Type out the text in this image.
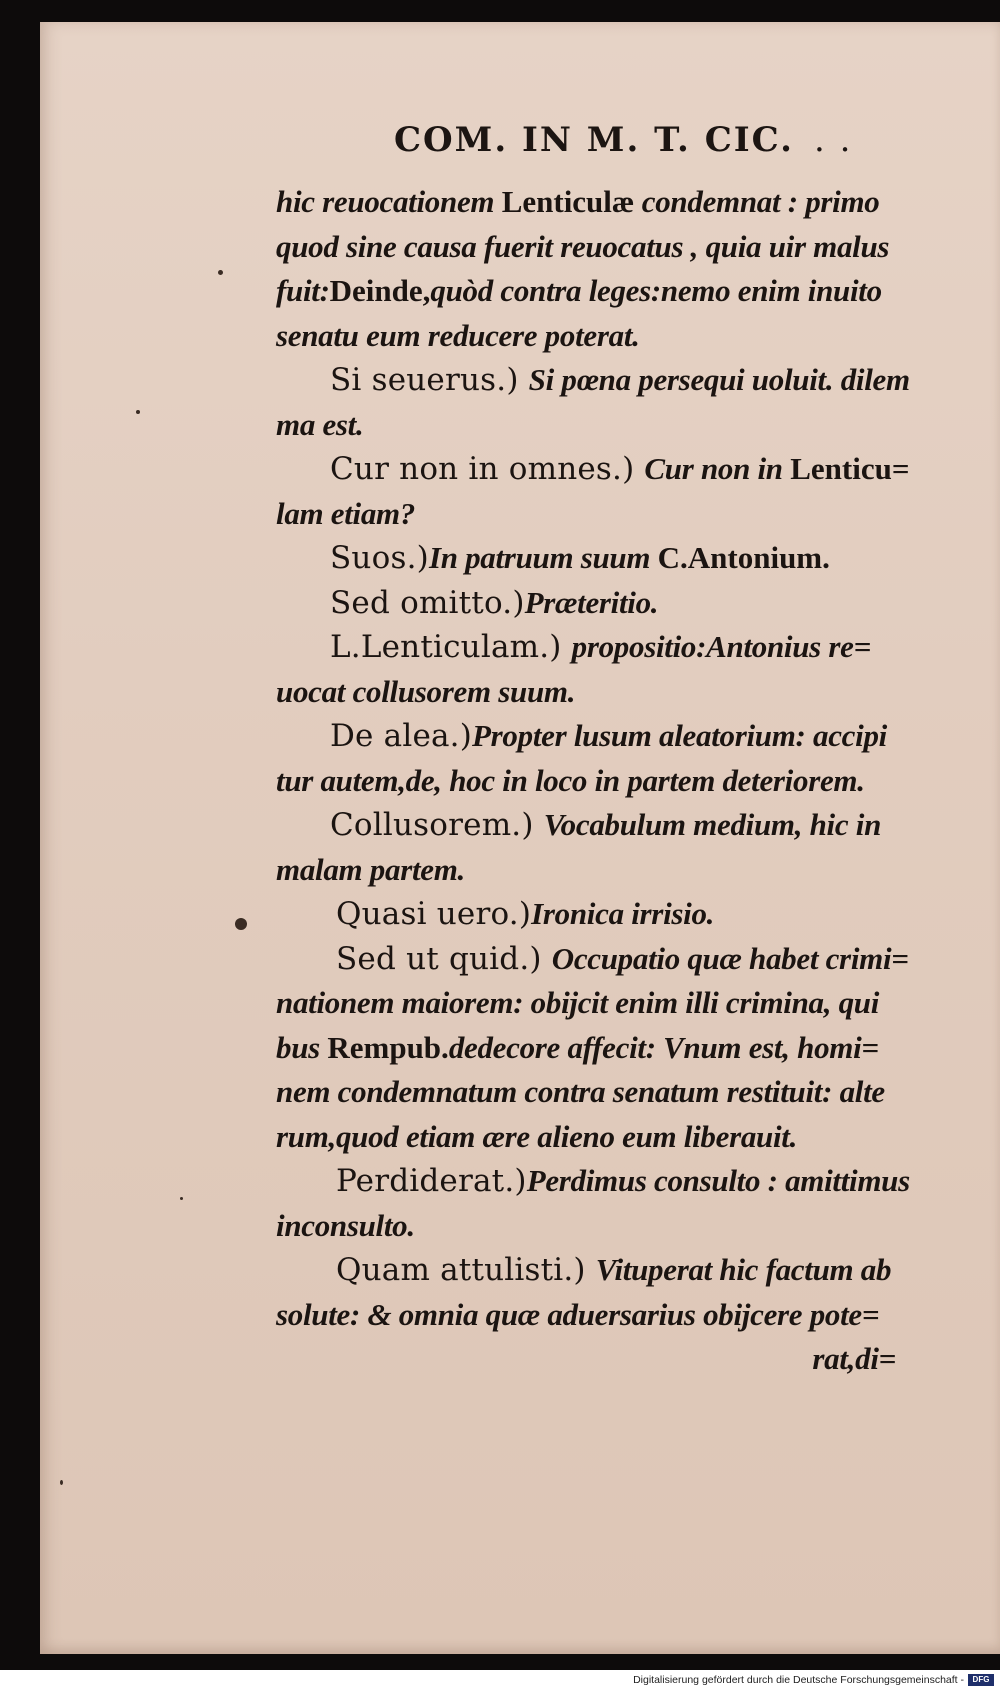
COM. IN M. T. CIC. . .
hic reuocationem Lenticulæ condemnat : primo
quod sine causa fuerit reuocatus , quia uir malus
fuit:Deinde,quòd contra leges:nemo enim inuito
senatu eum reducere poterat.
Si seuerus.) Si pœna persequi uoluit. dilem
ma est.
Cur non in omnes.) Cur non in Lenticu=
lam etiam?
Suos.)In patruum suum C.Antonium.
Sed omitto.)Præteritio.
L.Lenticulam.) propositio:Antonius re=
uocat collusorem suum.
De alea.)Propter lusum aleatorium: accipi
tur autem,de, hoc in loco in partem deteriorem.
Collusorem.) Vocabulum medium, hic in
malam partem.
Quasi uero.)Ironica irrisio.
Sed ut quid.) Occupatio quæ habet crimi=
nationem maiorem: obijcit enim illi crimina, qui
bus Rempub.dedecore affecit: Vnum est, homi=
nem condemnatum contra senatum restituit: alte
rum,quod etiam ære alieno eum liberauit.
Perdiderat.)Perdimus consulto : amittimus
inconsulto.
Quam attulisti.) Vituperat hic factum ab
solute: & omnia quæ aduersarius obijcere pote=
rat,di=
Digitalisierung gefördert durch die Deutsche Forschungsgemeinschaft -	DFG
